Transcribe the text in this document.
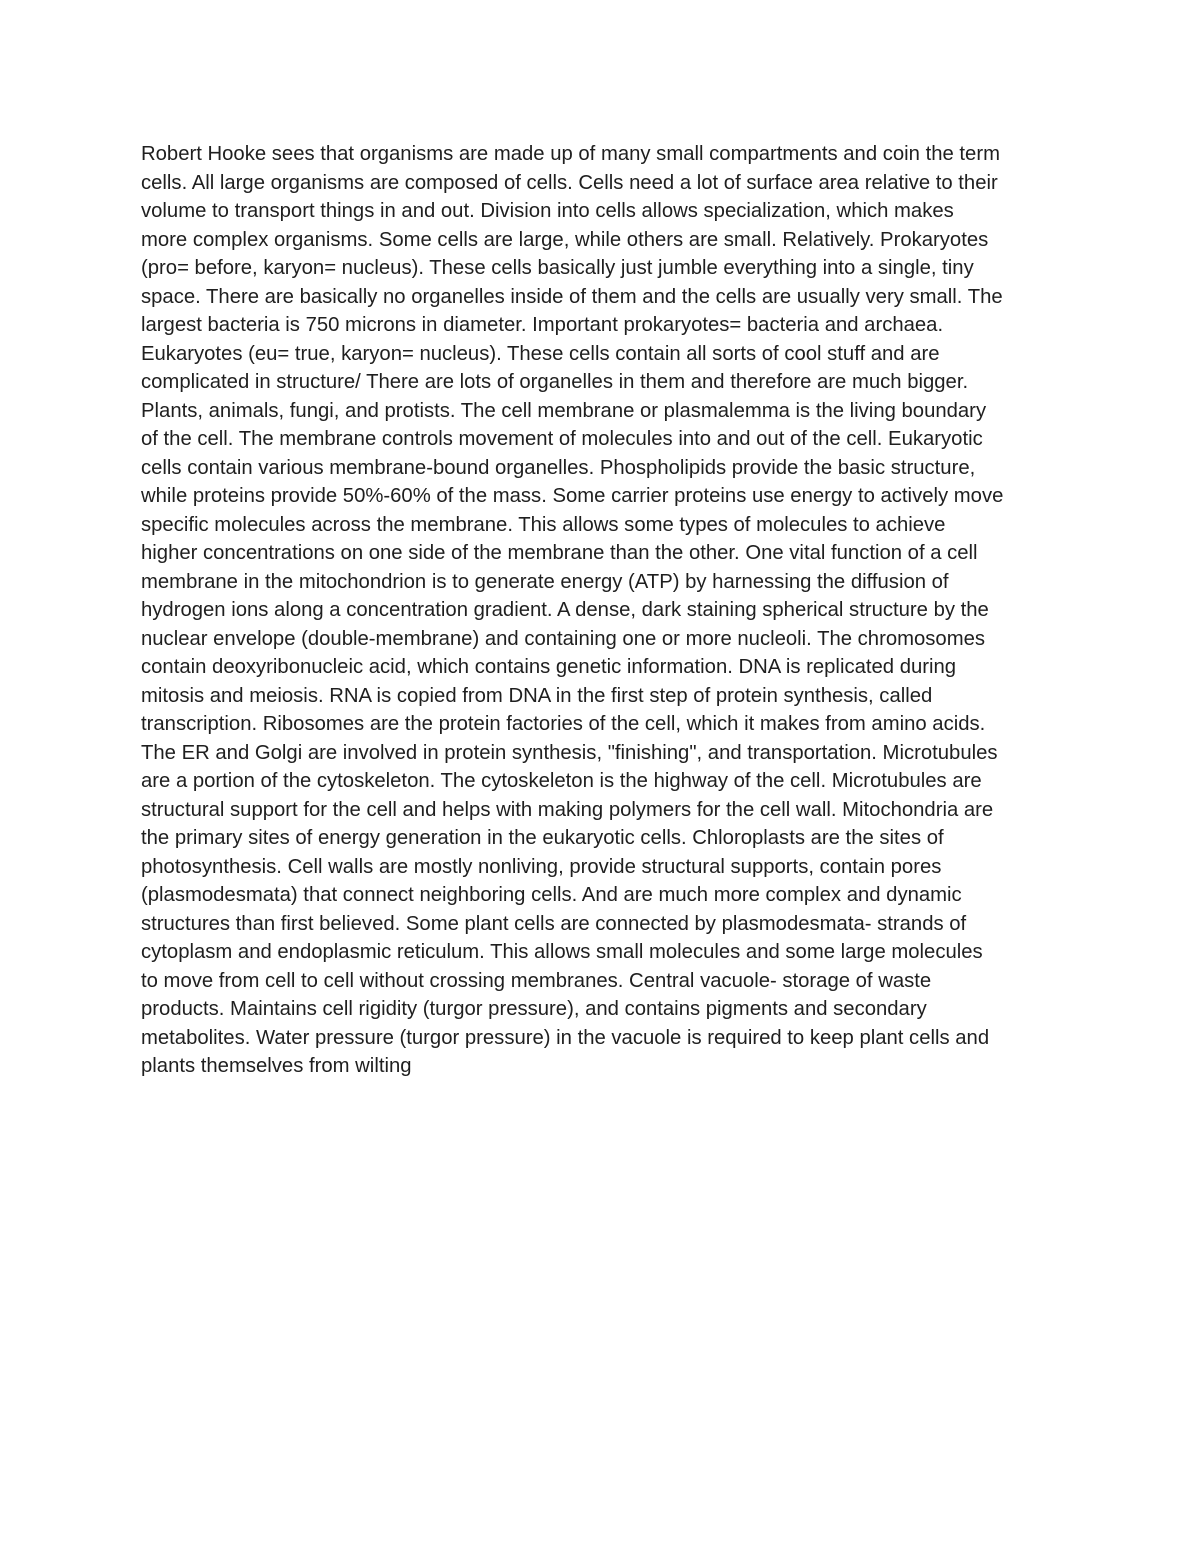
Robert Hooke sees that organisms are made up of many small compartments and coin the term
cells. All large organisms are composed of cells. Cells need a lot of surface area relative to their
volume to transport things in and out. Division into cells allows specialization, which makes
more complex organisms. Some cells are large, while others are small. Relatively. Prokaryotes
(pro= before, karyon= nucleus). These cells basically just jumble everything into a single, tiny
space. There are basically no organelles inside of them and the cells are usually very small. The
largest bacteria is 750 microns in diameter. Important prokaryotes= bacteria and archaea.
Eukaryotes (eu= true, karyon= nucleus). These cells contain all sorts of cool stuff and are
complicated in structure/ There are lots of organelles in them and therefore are much bigger.
Plants, animals, fungi, and protists. The cell membrane or plasmalemma is the living boundary
of the cell. The membrane controls movement of molecules into and out of the cell. Eukaryotic
cells contain various membrane-bound organelles. Phospholipids provide the basic structure,
while proteins provide 50%-60% of the mass. Some carrier proteins use energy to actively move
specific molecules across the membrane. This allows some types of molecules to achieve
higher concentrations on one side of the membrane than the other. One vital function of a cell
membrane in the mitochondrion is to generate energy (ATP) by harnessing the diffusion of
hydrogen ions along a concentration gradient. A dense, dark staining spherical structure by the
nuclear envelope (double-membrane) and containing one or more nucleoli. The chromosomes
contain deoxyribonucleic acid, which contains genetic information. DNA is replicated during
mitosis and meiosis. RNA is copied from DNA in the first step of protein synthesis, called
transcription. Ribosomes are the protein factories of the cell, which it makes from amino acids.
The ER and Golgi are involved in protein synthesis, "finishing", and transportation. Microtubules
are a portion of the cytoskeleton. The cytoskeleton is the highway of the cell. Microtubules are
structural support for the cell and helps with making polymers for the cell wall. Mitochondria are
the primary sites of energy generation in the eukaryotic cells. Chloroplasts are the sites of
photosynthesis. Cell walls are mostly nonliving, provide structural supports, contain pores
(plasmodesmata) that connect neighboring cells. And are much more complex and dynamic
structures than first believed. Some plant cells are connected by plasmodesmata- strands of
cytoplasm and endoplasmic reticulum. This allows small molecules and some large molecules
to move from cell to cell without crossing membranes. Central vacuole- storage of waste
products. Maintains cell rigidity (turgor pressure), and contains pigments and secondary
metabolites. Water pressure (turgor pressure) in the vacuole is required to keep plant cells and
plants themselves from wilting
